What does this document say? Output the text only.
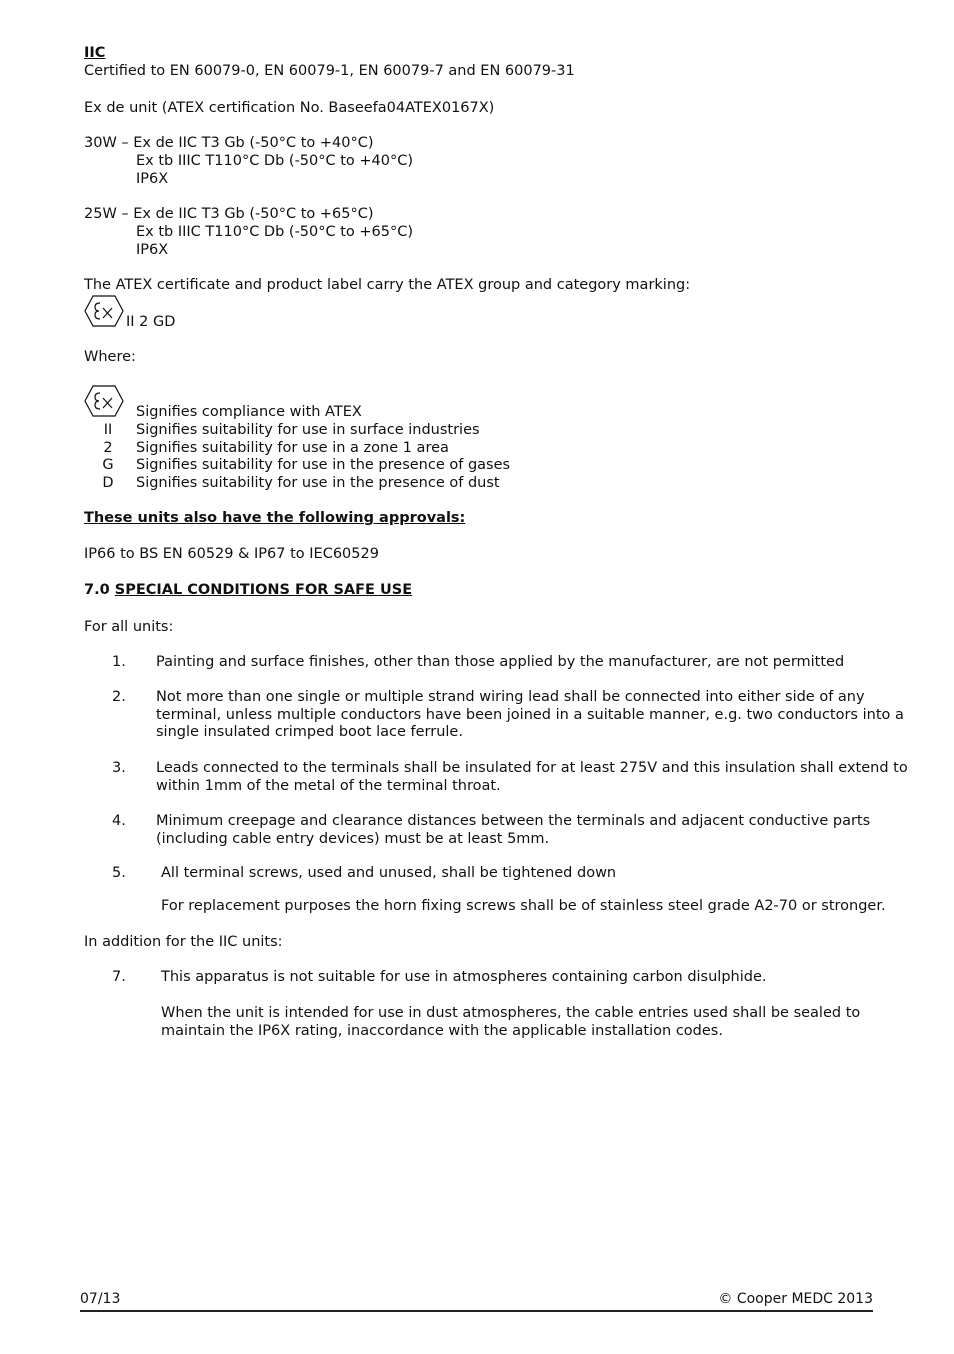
IIC
Certified to EN 60079-0, EN 60079-1, EN 60079-7 and EN 60079-31
Ex de unit (ATEX certification No. Baseefa04ATEX0167X)
30W – Ex de IIC T3 Gb (-50°C to +40°C)
Ex tb IIIC T110°C Db (-50°C to +40°C)
IP6X
25W – Ex de IIC T3 Gb (-50°C to +65°C)
Ex tb IIIC T110°C Db (-50°C to +65°C)
IP6X
The ATEX certificate and product label carry the ATEX group and category marking:
II 2 GD
Where:
Signifies compliance with ATEX
II	Signifies suitability for use in surface industries
2	Signifies suitability for use in a zone 1 area
G	Signifies suitability for use in the presence of gases
D	Signifies suitability for use in the presence of dust
These units also have the following approvals:
IP66 to BS EN 60529 & IP67 to IEC60529
7.0 SPECIAL CONDITIONS FOR SAFE USE
For all units:
1. Painting and surface finishes, other than those applied by the manufacturer, are not permitted
2. Not more than one single or multiple strand wiring lead shall be connected into either side of any
terminal, unless multiple conductors have been joined in a suitable manner, e.g. two conductors into a
single insulated crimped boot lace ferrule.
3. Leads connected to the terminals shall be insulated for at least 275V and this insulation shall extend to
within 1mm of the metal of the terminal throat.
4. Minimum creepage and clearance distances between the terminals and adjacent conductive parts
(including cable entry devices) must be at least 5mm.
5. All terminal screws, used and unused, shall be tightened down
For replacement purposes the horn fixing screws shall be of stainless steel grade A2-70 or stronger.
In addition for the IIC units:
7. This apparatus is not suitable for use in atmospheres containing carbon disulphide.
When the unit is intended for use in dust atmospheres, the cable entries used shall be sealed to
maintain the IP6X rating, inaccordance with the applicable installation codes.
07/13	© Cooper MEDC 2013
